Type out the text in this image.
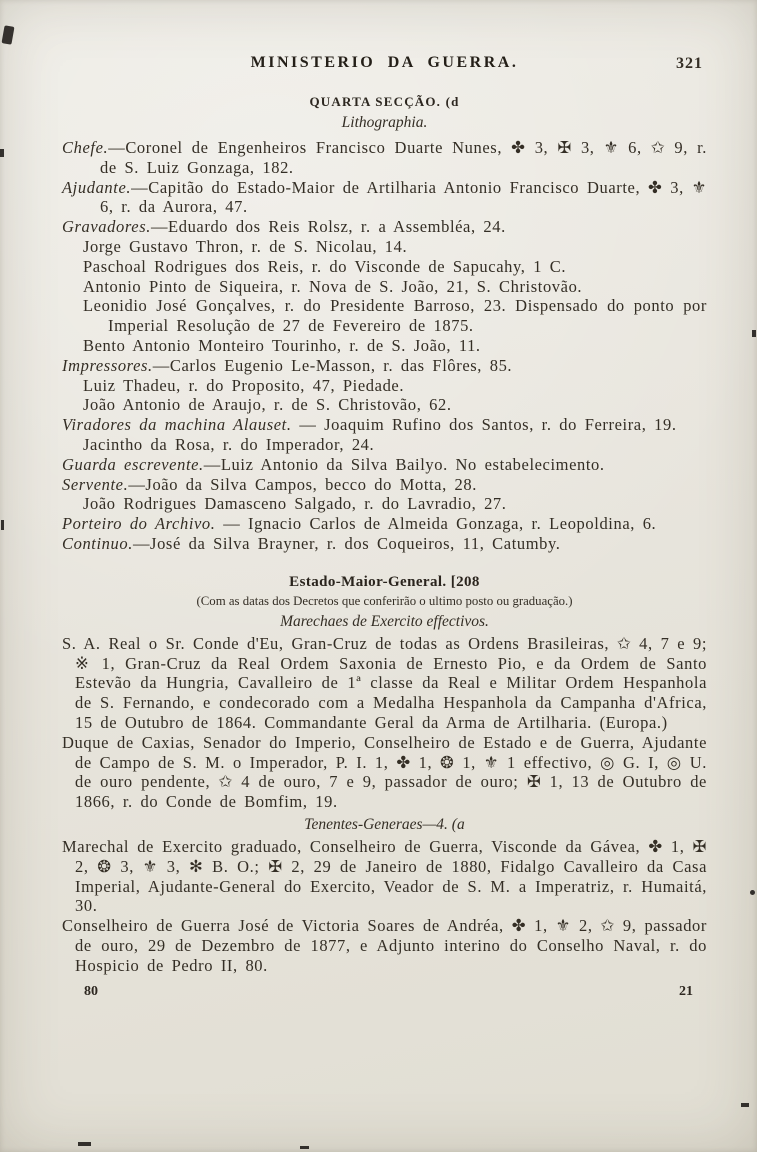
MINISTERIO DA GUERRA.	321
QUARTA SECÇÃO. (d
Lithographia.

Chefe.—Coronel de Engenheiros Francisco Duarte Nunes, ✤ 3, ✠ 3, ⚜ 6, ✩ 9, r. de S. Luiz Gonzaga, 182.

Ajudante.—Capitão do Estado-Maior de Artilharia Antonio Francisco Duarte, ✤ 3, ⚜ 6, r. da Aurora, 47.

Gravadores.—Eduardo dos Reis Rolsz, r. a Assembléa, 24.

Jorge Gustavo Thron, r. de S. Nicolau, 14.

Paschoal Rodrigues dos Reis, r. do Visconde de Sapucahy, 1 C.

Antonio Pinto de Siqueira, r. Nova de S. João, 21, S. Christovão.

Leonidio José Gonçalves, r. do Presidente Barroso, 23. Dispensado do ponto por Imperial Resolução de 27 de Fevereiro de 1875.

Bento Antonio Monteiro Tourinho, r. de S. João, 11.

Impressores.—Carlos Eugenio Le-Masson, r. das Flôres, 85.

Luiz Thadeu, r. do Proposito, 47, Piedade.

João Antonio de Araujo, r. de S. Christovão, 62.

Viradores da machina Alauset. — Joaquim Rufino dos Santos, r. do Ferreira, 19.

Jacintho da Rosa, r. do Imperador, 24.

Guarda escrevente.—Luiz Antonio da Silva Bailyo. No estabelecimento.

Servente.—João da Silva Campos, becco do Motta, 28.

João Rodrigues Damasceno Salgado, r. do Lavradio, 27.

Porteiro do Archivo. — Ignacio Carlos de Almeida Gonzaga, r. Leopoldina, 6.

Continuo.—José da Silva Brayner, r. dos Coqueiros, 11, Catumby.

Estado-Maior-General. [208
(Com as datas dos Decretos que conferirão o ultimo posto ou graduação.)
Marechaes de Exercito effectivos.

S. A. Real o Sr. Conde d'Eu, Gran-Cruz de todas as Ordens Brasileiras, ✩ 4, 7 e 9; ※ 1, Gran-Cruz da Real Ordem Saxonia de Ernesto Pio, e da Ordem de Santo Estevão da Hungria, Cavalleiro de 1ª classe da Real e Militar Ordem Hespanhola de S. Fernando, e condecorado com a Medalha Hespanhola da Campanha d'Africa, 15 de Outubro de 1864. Commandante Geral da Arma de Artilharia. (Europa.)

Duque de Caxias, Senador do Imperio, Conselheiro de Estado e de Guerra, Ajudante de Campo de S. M. o Imperador, P. I. 1, ✤ 1, ❂ 1, ⚜ 1 effectivo, ◎ G. I, ◎ U. de ouro pendente, ✩ 4 de ouro, 7 e 9, passador de ouro; ✠ 1, 13 de Outubro de 1866, r. do Conde de Bomfim, 19.

Tenentes-Generaes—4. (a

Marechal de Exercito graduado, Conselheiro de Guerra, Visconde da Gávea, ✤ 1, ✠ 2, ❂ 3, ⚜ 3, ✻ B. O.; ✠ 2, 29 de Janeiro de 1880, Fidalgo Cavalleiro da Casa Imperial, Ajudante-General do Exercito, Veador de S. M. a Imperatriz, r. Humaitá, 30.

Conselheiro de Guerra José de Victoria Soares de Andréa, ✤ 1, ⚜ 2, ✩ 9, passador de ouro, 29 de Dezembro de 1877, e Adjunto interino do Conselho Naval, r. do Hospicio de Pedro II, 80.

80	21
